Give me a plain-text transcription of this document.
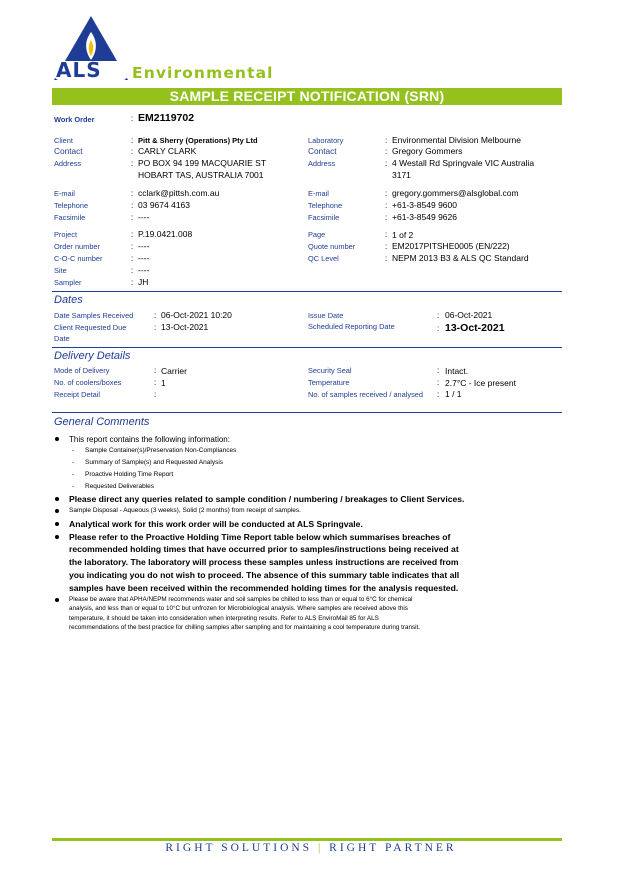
ALS Environmental
SAMPLE RECEIPT NOTIFICATION (SRN)
Work Order	: EM2119702
Client	: Pitt & Sherry (Operations) Pty Ltd
Contact	: CARLY CLARK
Address	: PO BOX 94 199 MACQUARIE ST
HOBART TAS, AUSTRALIA 7001
E-mail	: cclark@pittsh.com.au
Telephone	: 03 9674 4163
Facsimile	: ----
Project	: P.19.0421.008
Order number	: ----
C-O-C number	: ----
Site	: ----
Sampler	: JH
Laboratory	: Environmental Division Melbourne
Contact	: Gregory Gommers
Address	: 4 Westall Rd Springvale VIC Australia
3171
E-mail	: gregory.gommers@alsglobal.com
Telephone	: +61-3-8549 9600
Facsimile	: +61-3-8549 9626
Page	: 1 of 2
Quote number	: EM2017PITSHE0005 (EN/222)
QC Level	: NEPM 2013 B3 & ALS QC Standard
Dates
Date Samples Received	: 06-Oct-2021 10:20
Client Requested Due
Date
: 13-Oct-2021
Issue Date	: 06-Oct-2021
Scheduled Reporting Date	: 13-Oct-2021
Delivery Details
Mode of Delivery	: Carrier
No. of coolers/boxes	: 1
Receipt Detail	:
Security Seal	: Intact.
Temperature	: 2.7°C - Ice present
No. of samples received / analysed : 1 / 1
General Comments
This report contains the following information:
- Sample Container(s)/Preservation Non-Compliances
- Summary of Sample(s) and Requested Analysis
- Proactive Holding Time Report
- Requested Deliverables
Please direct any queries related to sample condition / numbering / breakages to Client Services.
Sample Disposal - Aqueous (3 weeks), Solid (2 months) from receipt of samples.
Analytical work for this work order will be conducted at ALS Springvale.
Please refer to the Proactive Holding Time Report table below which summarises breaches of
recommended holding times that have occurred prior to samples/instructions being received at
the laboratory. The laboratory will process these samples unless instructions are received from
you indicating you do not wish to proceed. The absence of this summary table indicates that all
samples have been received within the recommended holding times for the analysis requested.
Please be aware that APHA/NEPM recommends water and soil samples be chilled to less than or equal to 6°C for chemical
analysis, and less than or equal to 10°C but unfrozen for Microbiological analysis. Where samples are received above this
temperature, it should be taken into consideration when interpreting results. Refer to ALS EnviroMail 85 for ALS
recommendations of the best practice for chilling samples after sampling and for maintaining a cool temperature during transit.
RIGHT SOLUTIONS | RIGHT PARTNER
